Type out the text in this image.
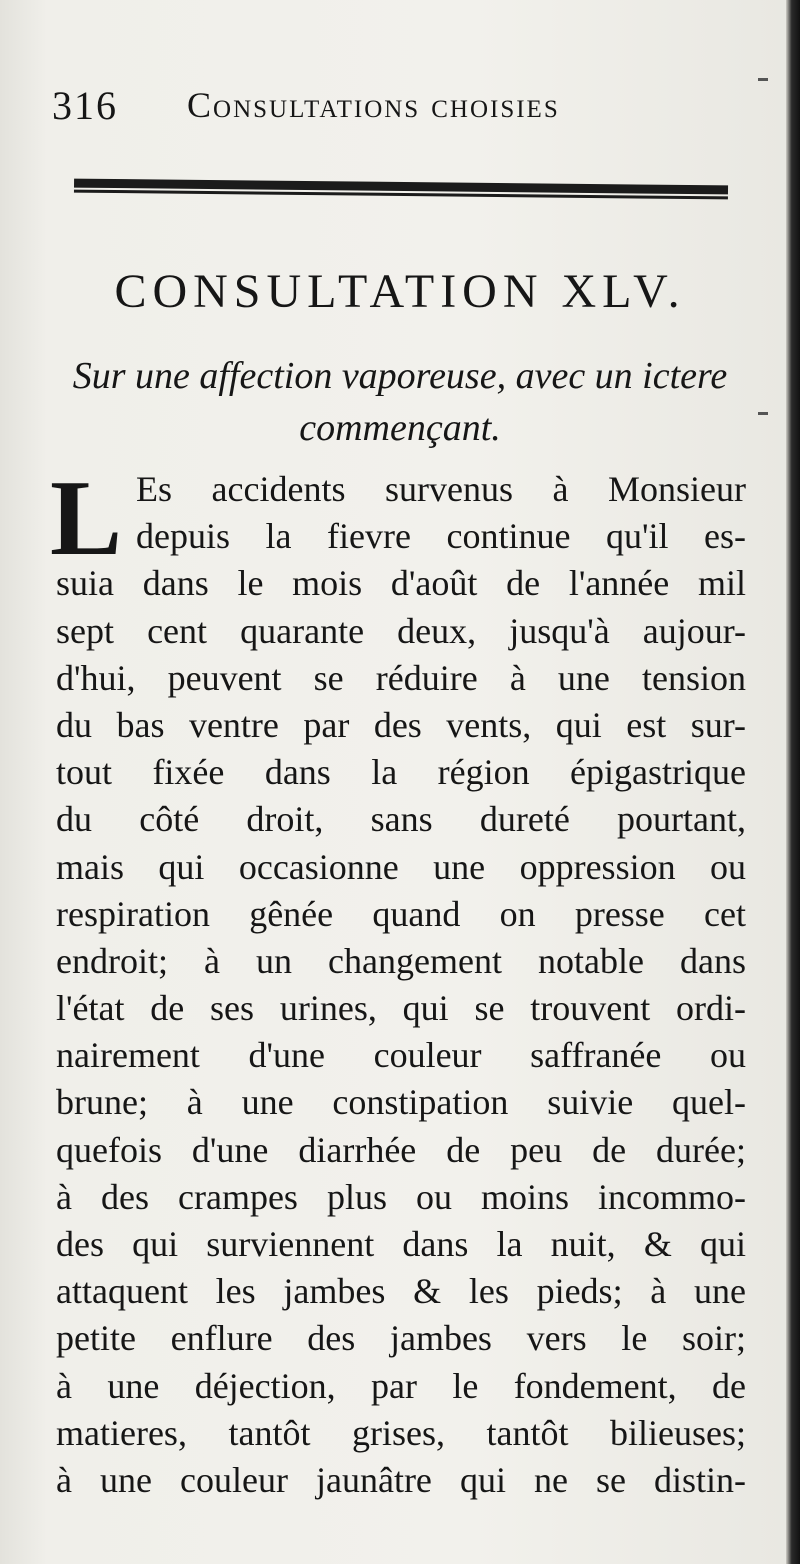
316 Consultations choisies
CONSULTATION XLV.
Sur une affection vaporeuse, avec un ictere
commençant.
L Es accidents survenus à Monsieur
depuis la fievre continue qu'il es-
suia dans le mois d'août de l'année mil
sept cent quarante deux, jusqu'à aujour-
d'hui, peuvent se réduire à une tension
du bas ventre par des vents, qui est sur-
tout fixée dans la région épigastrique
du côté droit, sans dureté pourtant,
mais qui occasionne une oppression ou
respiration gênée quand on presse cet
endroit; à un changement notable dans
l'état de ses urines, qui se trouvent ordi-
nairement d'une couleur saffranée ou
brune; à une constipation suivie quel-
quefois d'une diarrhée de peu de durée;
à des crampes plus ou moins incommo-
des qui surviennent dans la nuit, & qui
attaquent les jambes & les pieds; à une
petite enflure des jambes vers le soir;
à une déjection, par le fondement, de
matieres, tantôt grises, tantôt bilieuses;
à une couleur jaunâtre qui ne se distin-
